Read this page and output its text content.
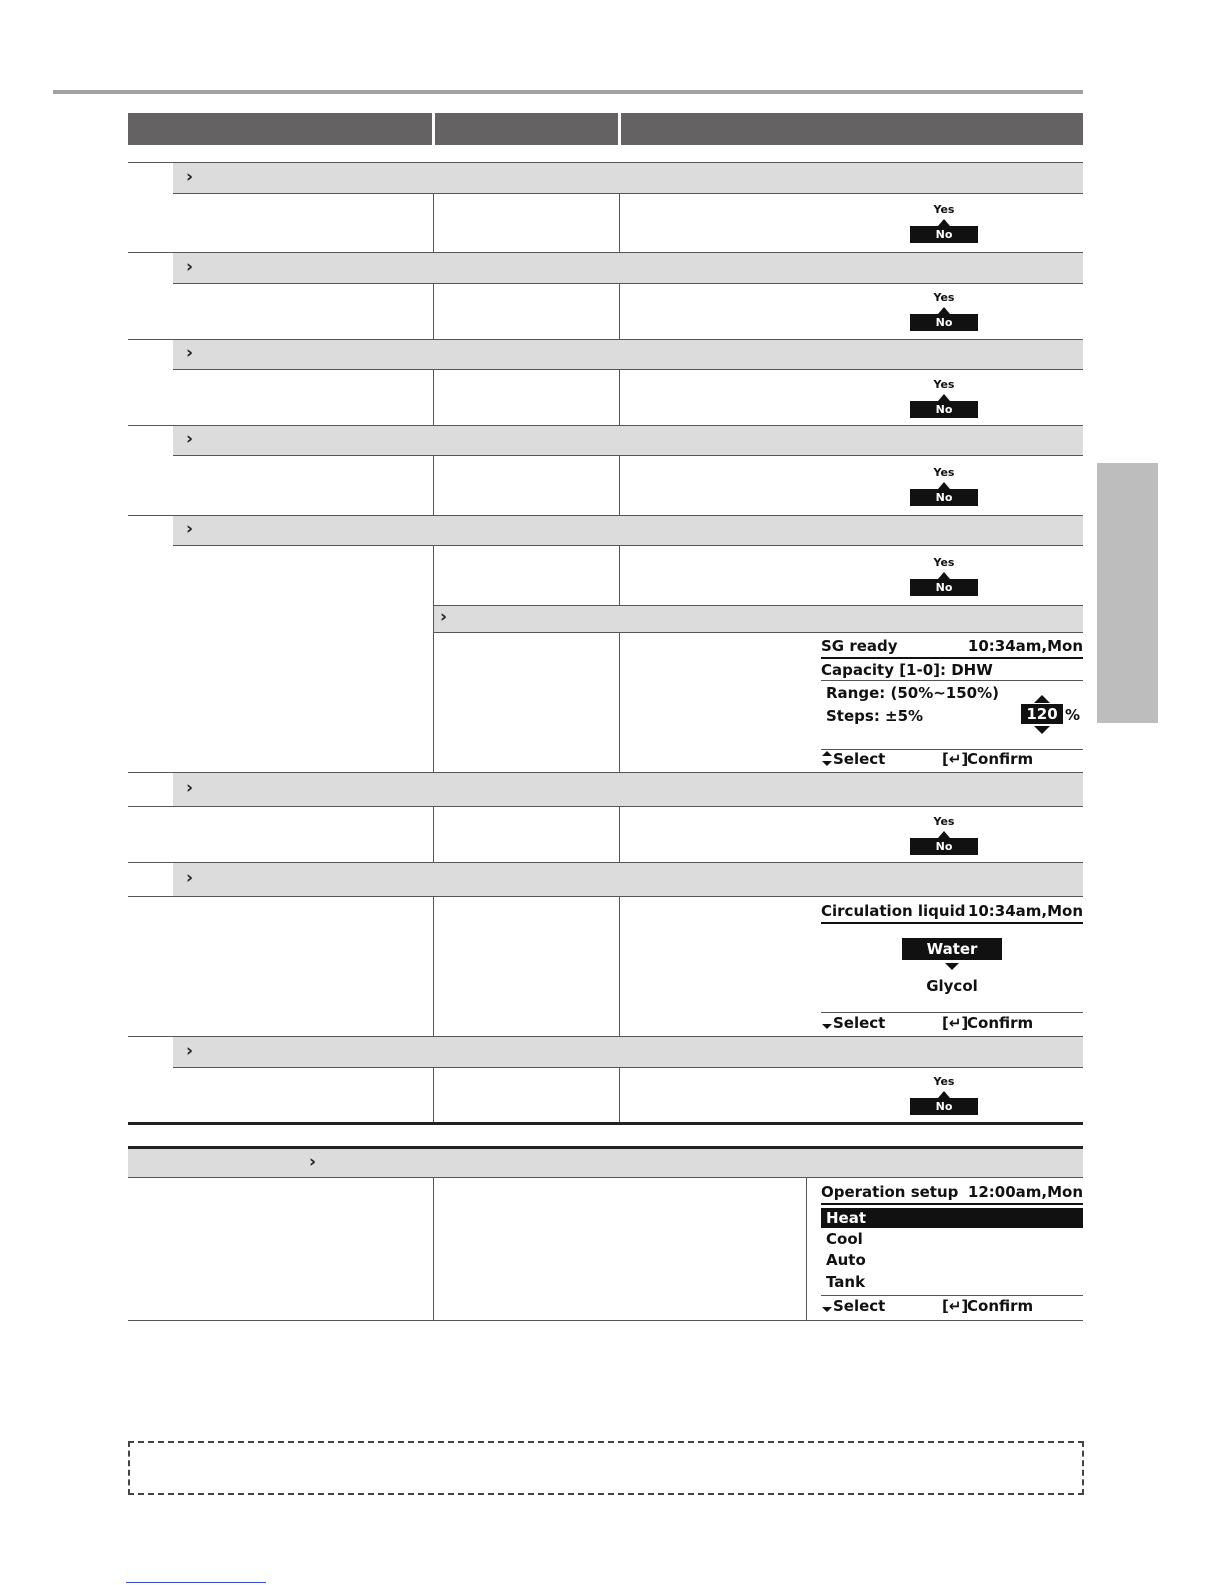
›
Yes
No
›
Yes
No
›
Yes
No
›
Yes
No
›
Yes
No
›
SG ready	10:34am,Mon
Capacity [1-0]: DHW
Range: (50%~150%)
Steps: ±5%	120 %
Select	[↵]
Confirm
›
Yes
No
›
Circulation liquid 10:34am,Mon
Water
Glycol
Select	[↵]
Confirm
›
Yes
No
›
Operation setup 12:00am,Mon
Heat
Cool
Auto
Tank
Select	[↵]
Confirm
